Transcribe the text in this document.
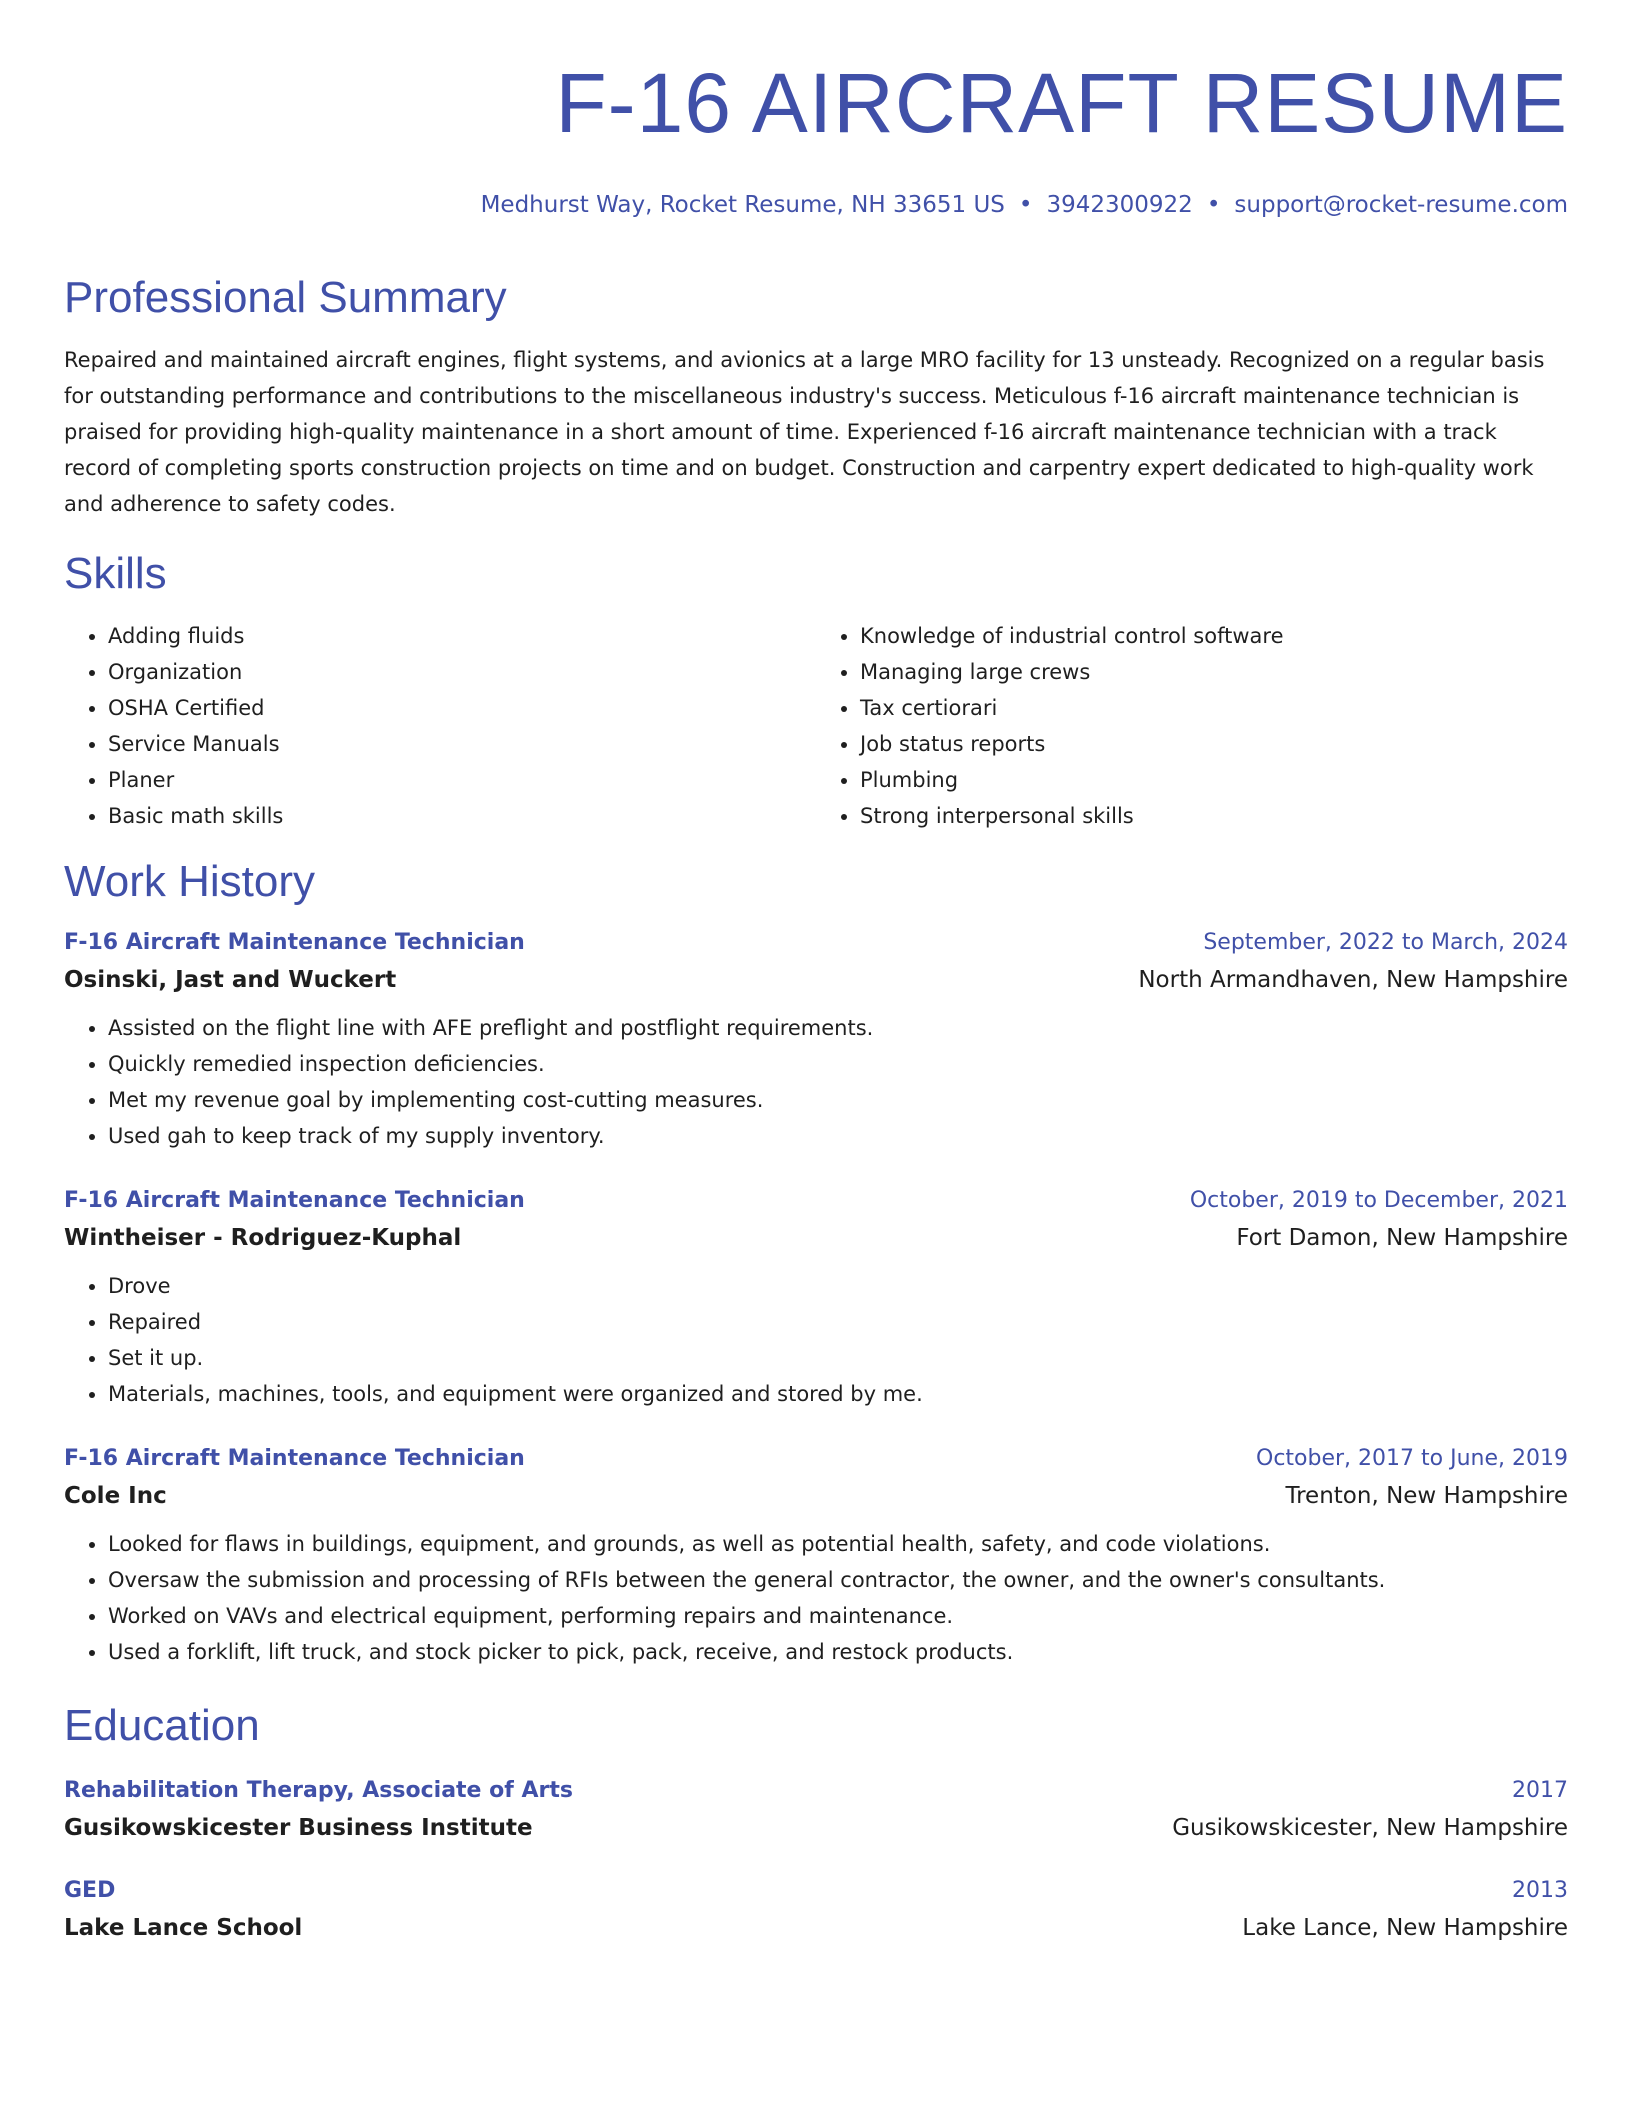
F-16 AIRCRAFT RESUME
Medhurst Way, Rocket Resume, NH 33651 US • 3942300922 • support@rocket-resume.com
Professional Summary

Repaired and maintained aircraft engines, flight systems, and avionics at a large MRO facility for 13 unsteady. Recognized on a regular basis for outstanding performance and contributions to the miscellaneous industry's success. Meticulous f-16 aircraft maintenance technician is praised for providing high-quality maintenance in a short amount of time. Experienced f-16 aircraft maintenance technician with a track record of completing sports construction projects on time and on budget. Construction and carpentry expert dedicated to high-quality work and adherence to safety codes.

Skills
• Adding fluids
• Organization
• OSHA Certified
• Service Manuals
• Planer
• Basic math skills
• Knowledge of industrial control software
• Managing large crews
• Tax certiorari
• Job status reports
• Plumbing
• Strong interpersonal skills
Work History
F-16 Aircraft Maintenance Technician	September, 2022 to March, 2024
Osinski, Jast and Wuckert	North Armandhaven, New Hampshire
• Assisted on the flight line with AFE preflight and postflight requirements.
• Quickly remedied inspection deficiencies.
• Met my revenue goal by implementing cost-cutting measures.
• Used gah to keep track of my supply inventory.
F-16 Aircraft Maintenance Technician	October, 2019 to December, 2021
Wintheiser - Rodriguez-Kuphal	Fort Damon, New Hampshire
• Drove
• Repaired
• Set it up.
• Materials, machines, tools, and equipment were organized and stored by me.
F-16 Aircraft Maintenance Technician	October, 2017 to June, 2019
Cole Inc	Trenton, New Hampshire
• Looked for flaws in buildings, equipment, and grounds, as well as potential health, safety, and code violations.
• Oversaw the submission and processing of RFIs between the general contractor, the owner, and the owner's consultants.
• Worked on VAVs and electrical equipment, performing repairs and maintenance.
• Used a forklift, lift truck, and stock picker to pick, pack, receive, and restock products.
Education
Rehabilitation Therapy, Associate of Arts	2017
Gusikowskicester Business Institute	Gusikowskicester, New Hampshire
GED	2013
Lake Lance School	Lake Lance, New Hampshire
